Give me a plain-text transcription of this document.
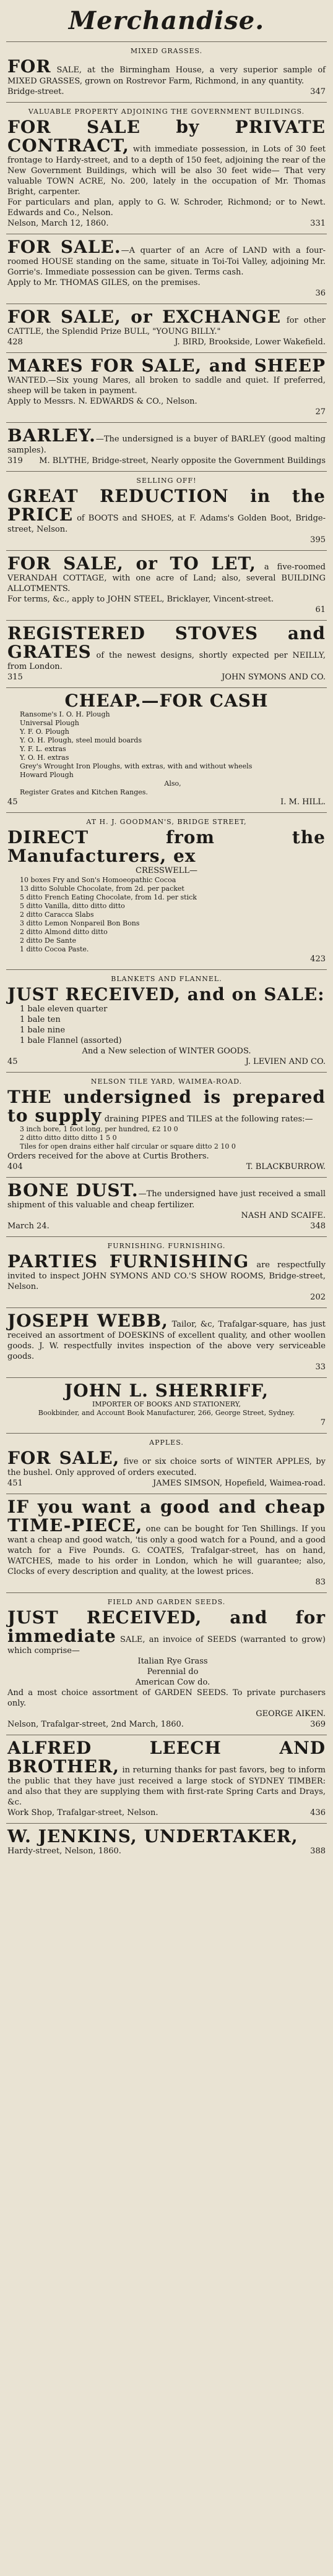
Merchandise.
MIXED GRASSES.
FOR SALE, at the Birmingham House, a very superior sample of MIXED GRASSES, grown on Rostrevor Farm, Richmond, in any quantity.
Bridge-street.	347
VALUABLE PROPERTY ADJOINING THE GOVERNMENT BUILDINGS.
FOR SALE by PRIVATE CONTRACT, with immediate possession, in Lots of 30 feet frontage to Hardy-street, and to a depth of 150 feet, adjoining the rear of the New Government Buildings, which will be also 30 feet wide— That very valuable TOWN ACRE, No. 200, lately in the occupation of Mr. Thomas Bright, carpenter.
For particulars and plan, apply to G. W. Schroder, Richmond; or to Newt. Edwards and Co., Nelson.
Nelson, March 12, 1860.	331
FOR SALE.—A quarter of an Acre of LAND with a four-roomed HOUSE standing on the same, situate in Toi-Toi Valley, adjoining Mr. Gorrie's. Immediate possession can be given. Terms cash.
Apply to Mr. THOMAS GILES, on the premises.
36
FOR SALE, or EXCHANGE for other CATTLE, the Splendid Prize BULL, "YOUNG BILLY."
428	J. BIRD, Brookside, Lower Wakefield.
MARES FOR SALE, and SHEEP WANTED.—Six young Mares, all broken to saddle and quiet. If preferred, sheep will be taken in payment.
Apply to Messrs. N. EDWARDS & CO., Nelson.
27
BARLEY.—The undersigned is a buyer of BARLEY (good malting samples).
319 M. BLYTHE, Bridge-street, Nearly opposite the Government Buildings
SELLING OFF!
GREAT REDUCTION in the PRICE of BOOTS and SHOES, at F. Adams's Golden Boot, Bridge-street, Nelson.
395
FOR SALE, or TO LET, a five-roomed VERANDAH COTTAGE, with one acre of Land; also, several BUILDING ALLOTMENTS.
For terms, &c., apply to JOHN STEEL, Bricklayer, Vincent-street.
61
REGISTERED STOVES and GRATES of the newest designs, shortly expected per NEILLY, from London.
315	JOHN SYMONS AND CO.
CHEAP.—FOR CASH
Ransome's I. O. H. Plough
Universal Plough
Y. F. O. Plough
Y. O. H. Plough, steel mould boards
Y. F. L. extras
Y. O. H. extras
Grey's Wrought Iron Ploughs, with extras, with and without wheels
Howard Plough
Also,
Register Grates and Kitchen Ranges.
45	I. M. HILL.
AT H. J. GOODMAN'S, BRIDGE STREET,
DIRECT from the Manufacturers, ex
CRESSWELL—
10 boxes Fry and Son's Homoeopathic Cocoa
13 ditto Soluble Chocolate, from 2d. per packet
5 ditto French Eating Chocolate, from 1d. per stick
5 ditto Vanilla, ditto ditto ditto
2 ditto Caracca Slabs
3 ditto Lemon Nonpareil Bon Bons
2 ditto Almond ditto ditto
2 ditto De Sante
1 ditto Cocoa Paste.
423
BLANKETS AND FLANNEL.
JUST RECEIVED, and on SALE:
1 bale eleven quarter
1 bale ten
1 bale nine
1 bale Flannel (assorted)
And a New selection of WINTER GOODS.
45	J. LEVIEN AND CO.
NELSON TILE YARD, WAIMEA-ROAD.
THE undersigned is prepared to supply draining PIPES and TILES at the following rates:—
3 inch bore, 1 foot long, per hundred, £2 10 0
2 ditto ditto ditto ditto 1 5 0
Tiles for open drains either half circular or square ditto 2 10 0
Orders received for the above at Curtis Brothers.
404	T. BLACKBURROW.
BONE DUST.—The undersigned have just received a small shipment of this valuable and cheap fertilizer.
NASH AND SCAIFE.
March 24.	348
FURNISHING. FURNISHING.
PARTIES FURNISHING are respectfully invited to inspect JOHN SYMONS AND CO.'S SHOW ROOMS, Bridge-street, Nelson.
202
JOSEPH WEBB, Tailor, &c, Trafalgar-square, has just received an assortment of DOESKINS of excellent quality, and other woollen goods. J. W. respectfully invites inspection of the above very serviceable goods.
33
JOHN L. SHERRIFF,
IMPORTER OF BOOKS AND STATIONERY,
Bookbinder, and Account Book Manufacturer, 266, George Street, Sydney.
7
APPLES.
FOR SALE, five or six choice sorts of WINTER APPLES, by the bushel. Only approved of orders executed.
451	JAMES SIMSON, Hopefield, Waimea-road.
IF you want a good and cheap TIME-PIECE, one can be bought for Ten Shillings. If you want a cheap and good watch, 'tis only a good watch for a Pound, and a good watch for a Five Pounds. G. COATES, Trafalgar-street, has on hand, WATCHES, made to his order in London, which he will guarantee; also, Clocks of every description and quality, at the lowest prices.
83
FIELD AND GARDEN SEEDS.
JUST RECEIVED, and for immediate SALE, an invoice of SEEDS (warranted to grow) which comprise—
Italian Rye Grass
Perennial do
American Cow do.
And a most choice assortment of GARDEN SEEDS. To private purchasers only.
GEORGE AIKEN.
Nelson, Trafalgar-street, 2nd March, 1860.	369
ALFRED LEECH AND BROTHER, in returning thanks for past favors, beg to inform the public that they have just received a large stock of SYDNEY TIMBER: and also that they are supplying them with first-rate Spring Carts and Drays, &c.
Work Shop, Trafalgar-street, Nelson.	436
W. JENKINS, UNDERTAKER,
Hardy-street, Nelson, 1860.	388
